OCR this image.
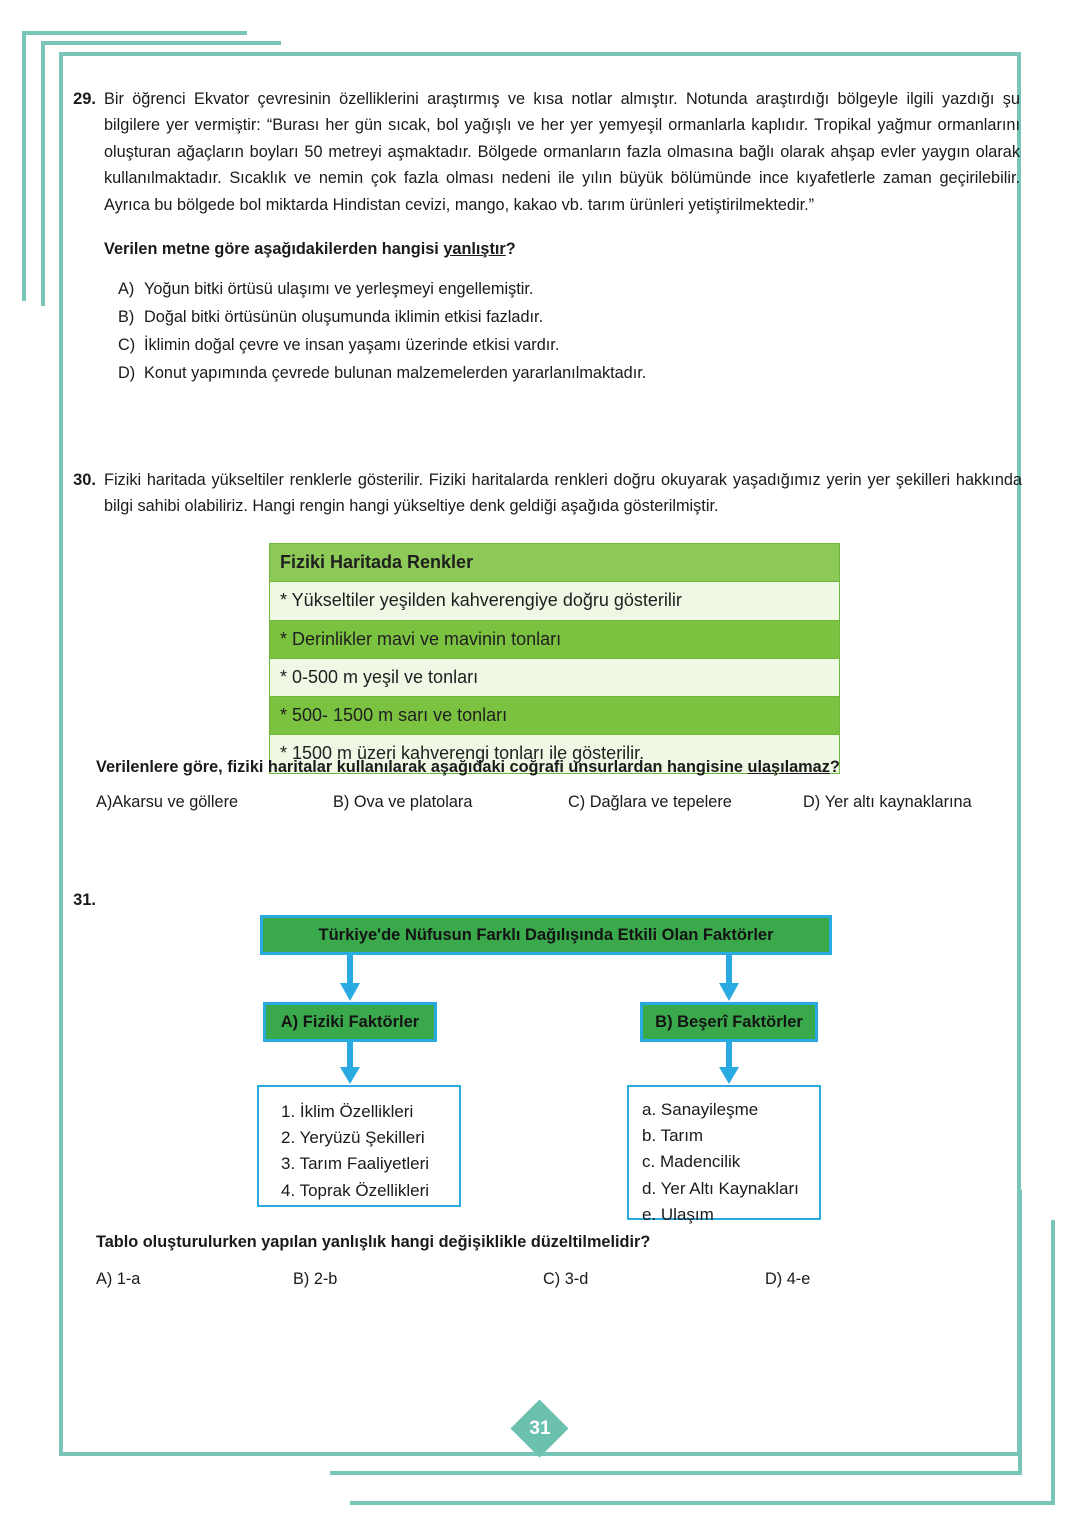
29. Bir öğrenci Ekvator çevresinin özelliklerini araştırmış ve kısa notlar almıştır. Notunda araştırdığı bölgeyle ilgili yazdığı şu bilgilere yer vermiştir: “Burası her gün sıcak, bol yağışlı ve her yer yemyeşil ormanlarla kaplıdır. Tropikal yağmur ormanlarını oluşturan ağaçların boyları 50 metreyi aşmaktadır. Bölgede ormanların fazla olmasına bağlı olarak ahşap evler yaygın olarak kullanılmaktadır. Sıcaklık ve nemin çok fazla olması nedeni ile yılın büyük bölümünde ince kıyafetlerle zaman geçirilebilir. Ayrıca bu bölgede bol miktarda Hindistan cevizi, mango, kakao vb. tarım ürünleri yetiştirilmektedir.”
Verilen metne göre aşağıdakilerden hangisi yanlıştır?
A) Yoğun bitki örtüsü ulaşımı ve yerleşmeyi engellemiştir.
B) Doğal bitki örtüsünün oluşumunda iklimin etkisi fazladır.
C) İklimin doğal çevre ve insan yaşamı üzerinde etkisi vardır.
D) Konut yapımında çevrede bulunan malzemelerden yararlanılmaktadır.
30. Fiziki haritada yükseltiler renklerle gösterilir. Fiziki haritalarda renkleri doğru okuyarak yaşadığımız yerin yer şekilleri hakkında bilgi sahibi olabiliriz. Hangi rengin hangi yükseltiye denk geldiği aşağıda gösterilmiştir.
Fiziki Haritada Renkler
* Yükseltiler yeşilden kahverengiye doğru gösterilir
* Derinlikler mavi ve mavinin tonları
* 0-500 m yeşil ve tonları
* 500- 1500 m sarı ve tonları
* 1500 m üzeri kahverengi tonları ile gösterilir.
Verilenlere göre, fiziki haritalar kullanılarak aşağıdaki coğrafi unsurlardan hangisine ulaşılamaz?
A)Akarsu ve göllere	B) Ova ve platolara	C) Dağlara ve tepelere	D) Yer altı kaynaklarına
31.
Türkiye'de Nüfusun Farklı Dağılışında Etkili Olan Faktörler
A) Fiziki Faktörler	B) Beşerî Faktörler
1. İklim Özellikleri
2. Yeryüzü Şekilleri
3. Tarım Faaliyetleri
4. Toprak Özellikleri
a. Sanayileşme
b. Tarım
c. Madencilik
d. Yer Altı Kaynakları
e. Ulaşım
Tablo oluşturulurken yapılan yanlışlık hangi değişiklikle düzeltilmelidir?
A) 1-a	B) 2-b	C) 3-d	D) 4-e
31
